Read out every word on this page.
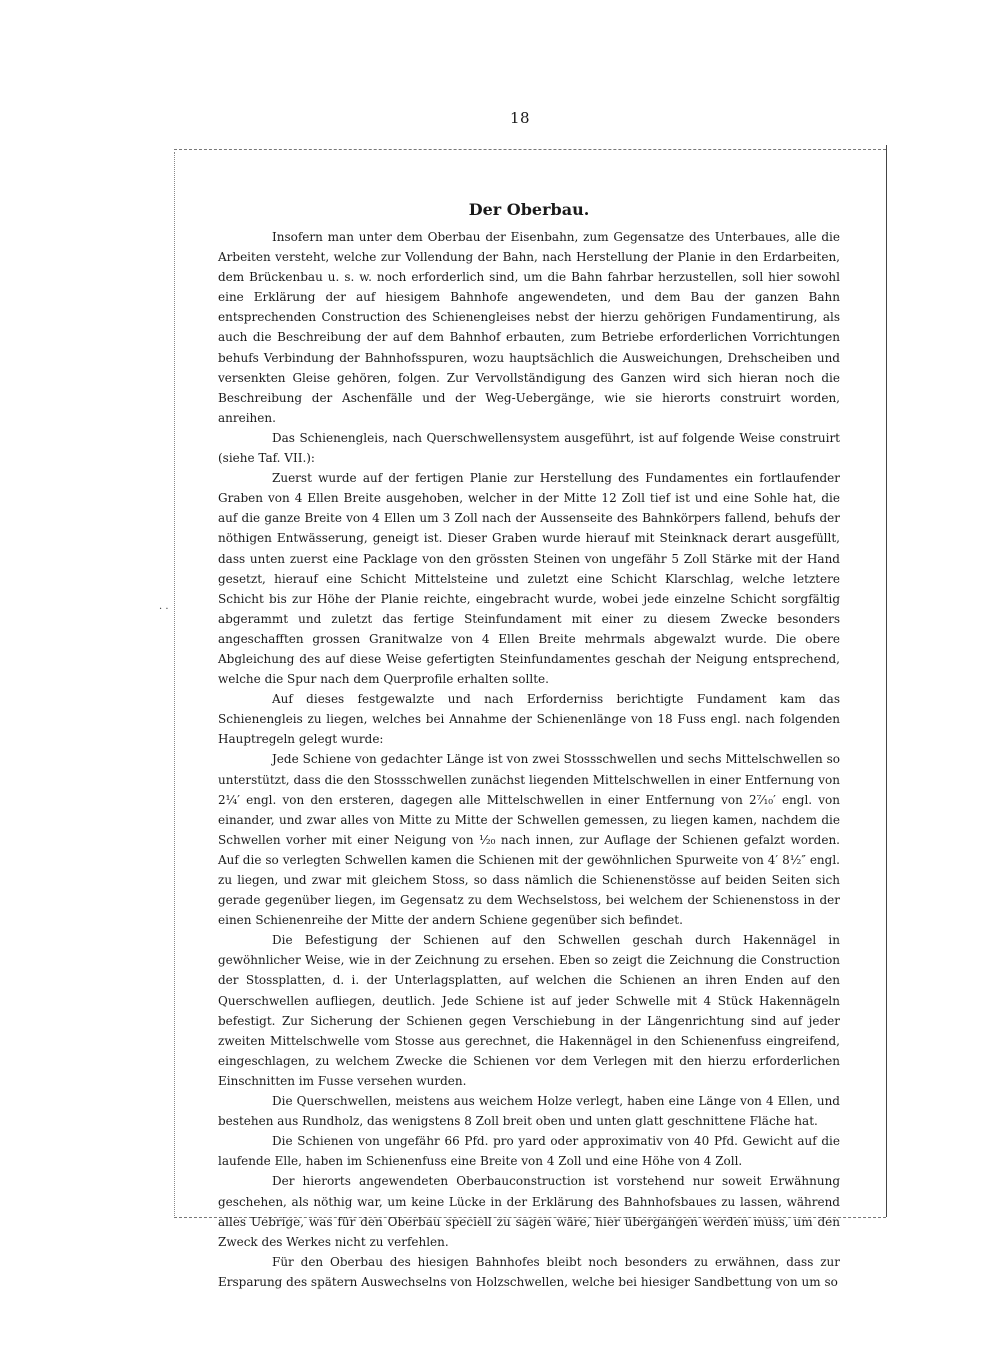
18
· ·
Der Oberbau.

Insofern man unter dem Oberbau der Eisenbahn, zum Gegensatze des Unterbaues, alle die Arbeiten versteht, welche zur Vollendung der Bahn, nach Herstellung der Planie in den Erdarbeiten, dem Brückenbau u. s. w. noch erforderlich sind, um die Bahn fahrbar herzustellen, soll hier sowohl eine Erklärung der auf hiesigem Bahnhofe angewendeten, und dem Bau der ganzen Bahn entsprechenden Construction des Schienengleises nebst der hierzu gehörigen Fundamentirung, als auch die Beschreibung der auf dem Bahnhof erbauten, zum Betriebe erforderlichen Vorrichtungen behufs Verbindung der Bahnhofsspuren, wozu hauptsächlich die Ausweichungen, Drehscheiben und versenkten Gleise gehören, folgen. Zur Vervollständigung des Ganzen wird sich hieran noch die Beschreibung der Aschenfälle und der Weg-Uebergänge, wie sie hierorts construirt worden, anreihen.

Das Schienengleis, nach Querschwellensystem ausgeführt, ist auf folgende Weise construirt (siehe Taf. VII.):

Zuerst wurde auf der fertigen Planie zur Herstellung des Fundamentes ein fortlaufender Graben von 4 Ellen Breite ausgehoben, welcher in der Mitte 12 Zoll tief ist und eine Sohle hat, die auf die ganze Breite von 4 Ellen um 3 Zoll nach der Aussenseite des Bahnkörpers fallend, behufs der nöthigen Entwässerung, geneigt ist. Dieser Graben wurde hierauf mit Steinknack derart ausgefüllt, dass unten zuerst eine Packlage von den grössten Steinen von ungefähr 5 Zoll Stärke mit der Hand gesetzt, hierauf eine Schicht Mittelsteine und zuletzt eine Schicht Klarschlag, welche letztere Schicht bis zur Höhe der Planie reichte, eingebracht wurde, wobei jede einzelne Schicht sorgfältig abgerammt und zuletzt das fertige Steinfundament mit einer zu diesem Zwecke besonders angeschafften grossen Granitwalze von 4 Ellen Breite mehrmals abgewalzt wurde. Die obere Abgleichung des auf diese Weise gefertigten Steinfundamentes geschah der Neigung entsprechend, welche die Spur nach dem Querprofile erhalten sollte.

Auf dieses festgewalzte und nach Erforderniss berichtigte Fundament kam das Schienengleis zu liegen, welches bei Annahme der Schienenlänge von 18 Fuss engl. nach folgenden Hauptregeln gelegt wurde:

Jede Schiene von gedachter Länge ist von zwei Stossschwellen und sechs Mittelschwellen so unterstützt, dass die den Stossschwellen zunächst liegenden Mittelschwellen in einer Entfernung von 2¼′ engl. von den ersteren, dagegen alle Mittelschwellen in einer Entfernung von 2⁷⁄₁₀′ engl. von einander, und zwar alles von Mitte zu Mitte der Schwellen gemessen, zu liegen kamen, nachdem die Schwellen vorher mit einer Neigung von ¹⁄₂₀ nach innen, zur Auflage der Schienen gefalzt worden. Auf die so verlegten Schwellen kamen die Schienen mit der gewöhnlichen Spurweite von 4′ 8½″ engl. zu liegen, und zwar mit gleichem Stoss, so dass nämlich die Schienenstösse auf beiden Seiten sich gerade gegenüber liegen, im Gegensatz zu dem Wechselstoss, bei welchem der Schienenstoss in der einen Schienenreihe der Mitte der andern Schiene gegenüber sich befindet.

Die Befestigung der Schienen auf den Schwellen geschah durch Hakennägel in gewöhnlicher Weise, wie in der Zeichnung zu ersehen. Eben so zeigt die Zeichnung die Construction der Stossplatten, d. i. der Unterlagsplatten, auf welchen die Schienen an ihren Enden auf den Querschwellen aufliegen, deutlich. Jede Schiene ist auf jeder Schwelle mit 4 Stück Hakennägeln befestigt. Zur Sicherung der Schienen gegen Verschiebung in der Längenrichtung sind auf jeder zweiten Mittelschwelle vom Stosse aus gerechnet, die Hakennägel in den Schienenfuss eingreifend, eingeschlagen, zu welchem Zwecke die Schienen vor dem Verlegen mit den hierzu erforderlichen Einschnitten im Fusse versehen wurden.

Die Querschwellen, meistens aus weichem Holze verlegt, haben eine Länge von 4 Ellen, und bestehen aus Rundholz, das wenigstens 8 Zoll breit oben und unten glatt geschnittene Fläche hat.

Die Schienen von ungefähr 66 Pfd. pro yard oder approximativ von 40 Pfd. Gewicht auf die laufende Elle, haben im Schienenfuss eine Breite von 4 Zoll und eine Höhe von 4 Zoll.

Der hierorts angewendeten Oberbauconstruction ist vorstehend nur soweit Erwähnung geschehen, als nöthig war, um keine Lücke in der Erklärung des Bahnhofsbaues zu lassen, während alles Uebrige, was für den Oberbau speciell zu sagen wäre, hier übergangen werden muss, um den Zweck des Werkes nicht zu verfehlen.

Für den Oberbau des hiesigen Bahnhofes bleibt noch besonders zu erwähnen, dass zur Ersparung des spätern Auswechselns von Holzschwellen, welche bei hiesiger Sandbettung von um so
